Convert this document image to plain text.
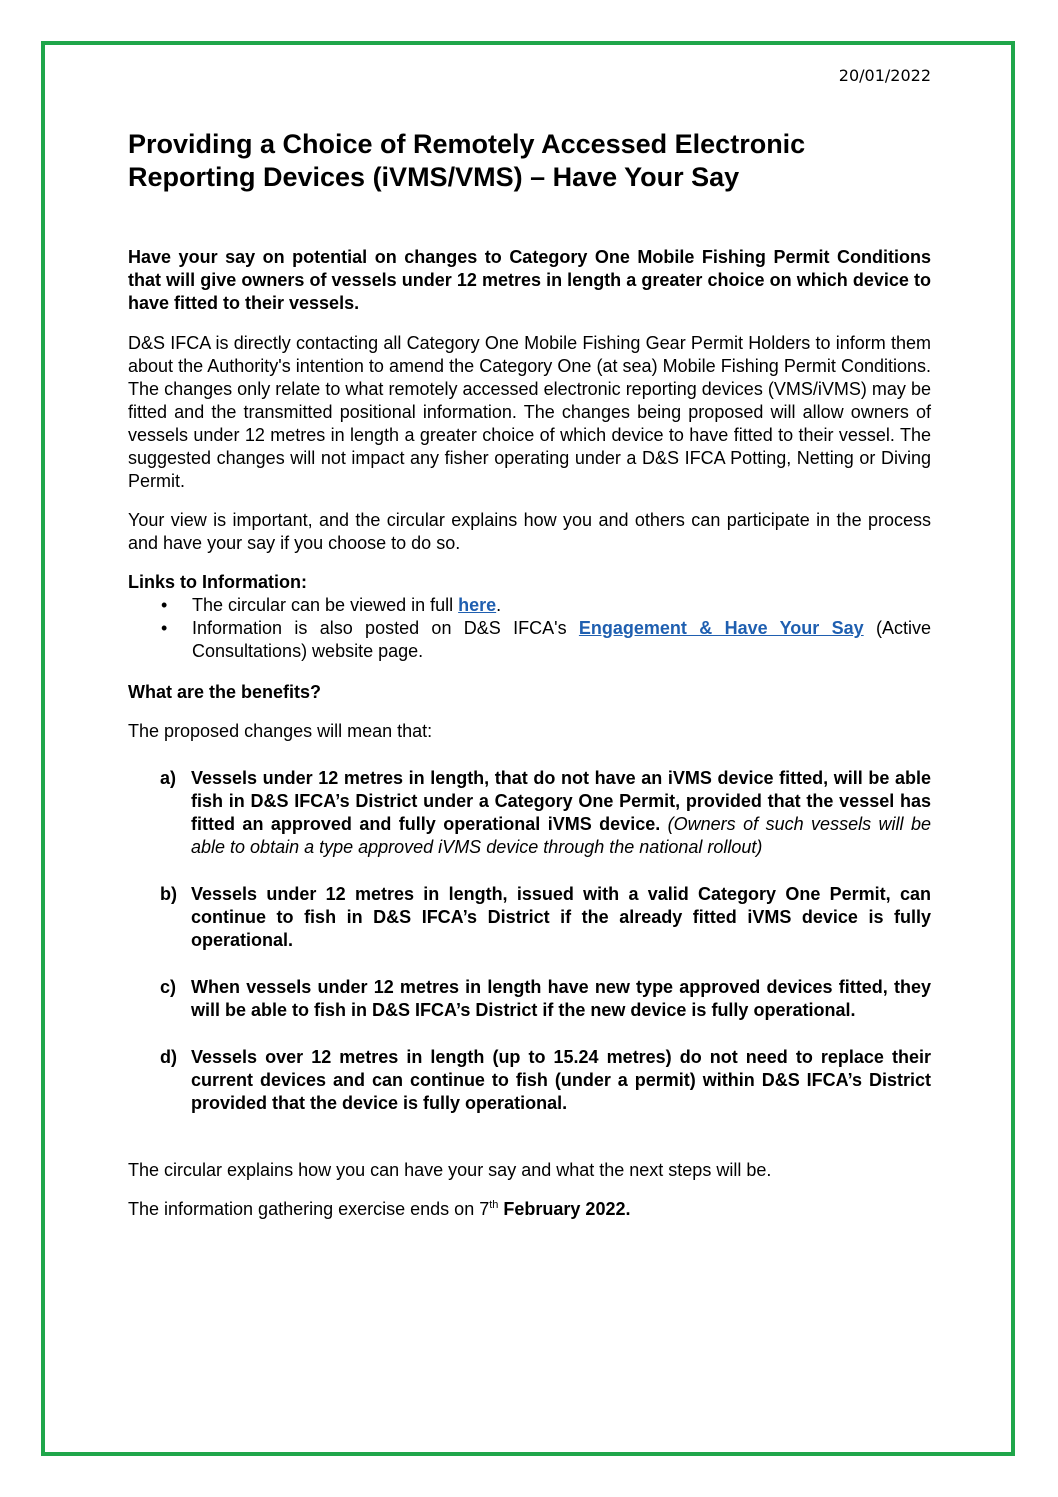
20/01/2022
Providing a Choice of Remotely Accessed Electronic Reporting Devices (iVMS/VMS) – Have Your Say

Have your say on potential on changes to Category One Mobile Fishing Permit Conditions that will give owners of vessels under 12 metres in length a greater choice on which device to have fitted to their vessels.

D&S IFCA is directly contacting all Category One Mobile Fishing Gear Permit Holders to inform them about the Authority's intention to amend the Category One (at sea) Mobile Fishing Permit Conditions. The changes only relate to what remotely accessed electronic reporting devices (VMS/iVMS) may be fitted and the transmitted positional information. The changes being proposed will allow owners of vessels under 12 metres in length a greater choice of which device to have fitted to their vessel. The suggested changes will not impact any fisher operating under a D&S IFCA Potting, Netting or Diving Permit.

Your view is important, and the circular explains how you and others can participate in the process and have your say if you choose to do so.

Links to Information:

• The circular can be viewed in full here.
• Information is also posted on D&S IFCA's Engagement & Have Your Say (Active Consultations) website page.

What are the benefits?

The proposed changes will mean that:

a) Vessels under 12 metres in length, that do not have an iVMS device fitted, will be able fish in D&S IFCA’s District under a Category One Permit, provided that the vessel has fitted an approved and fully operational iVMS device. (Owners of such vessels will be able to obtain a type approved iVMS device through the national rollout)
b) Vessels under 12 metres in length, issued with a valid Category One Permit, can continue to fish in D&S IFCA’s District if the already fitted iVMS device is fully operational.
c) When vessels under 12 metres in length have new type approved devices fitted, they will be able to fish in D&S IFCA’s District if the new device is fully operational.
d) Vessels over 12 metres in length (up to 15.24 metres) do not need to replace their current devices and can continue to fish (under a permit) within D&S IFCA’s District provided that the device is fully operational.

The circular explains how you can have your say and what the next steps will be.

The information gathering exercise ends on 7th February 2022.
